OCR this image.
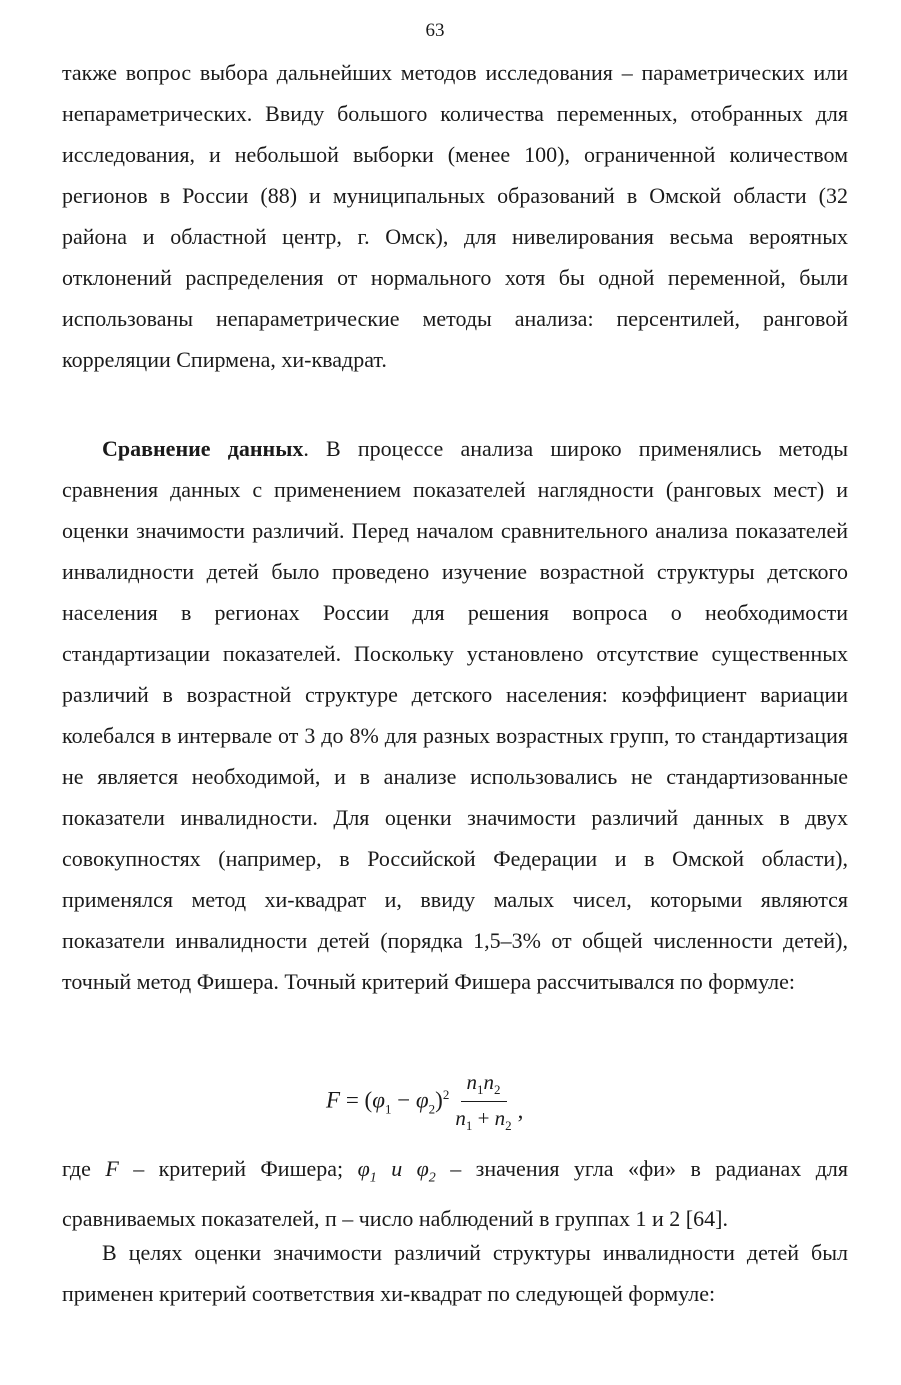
63

также вопрос выбора дальнейших методов исследования – параметрических или непараметрических. Ввиду большого количества переменных, отобранных для исследования, и небольшой выборки (менее 100), ограниченной количеством регионов в России (88) и муниципальных образований в Омской области (32 района и областной центр, г. Омск), для нивелирования весьма вероятных отклонений распределения от нормального хотя бы одной переменной, были использованы непараметрические методы анализа: персентилей, ранговой корреляции Спирмена, хи-квадрат.

Сравнение данных. В процессе анализа широко применялись методы сравнения данных с применением показателей наглядности (ранговых мест) и оценки значимости различий. Перед началом сравнительного анализа показателей инвалидности детей было проведено изучение возрастной структуры детского населения в регионах России для решения вопроса о необходимости стандартизации показателей. Поскольку установлено отсутствие существенных различий в возрастной структуре детского населения: коэффициент вариации колебался в интервале от 3 до 8% для разных возрастных групп, то стандартизация не является необходимой, и в анализе использовались не стандартизованные показатели инвалидности. Для оценки значимости различий данных в двух совокупностях (например, в Российской Федерации и в Омской области), применялся метод хи-квадрат и, ввиду малых чисел, которыми являются показатели инвалидности детей (порядка 1,5–3% от общей численности детей), точный метод Фишера. Точный критерий Фишера рассчитывался по формуле:

$F = (\varphi_1 - \varphi_2)^2 \frac{n_1n_2}{n_1 + n_2}$ ,

где F – критерий Фишера; $\varphi_1$ и $\varphi_2$ – значения угла «фи» в радианах для сравниваемых показателей, п – число наблюдений в группах 1 и 2 [64].

В целях оценки значимости различий структуры инвалидности детей был применен критерий соответствия хи-квадрат по следующей формуле:
